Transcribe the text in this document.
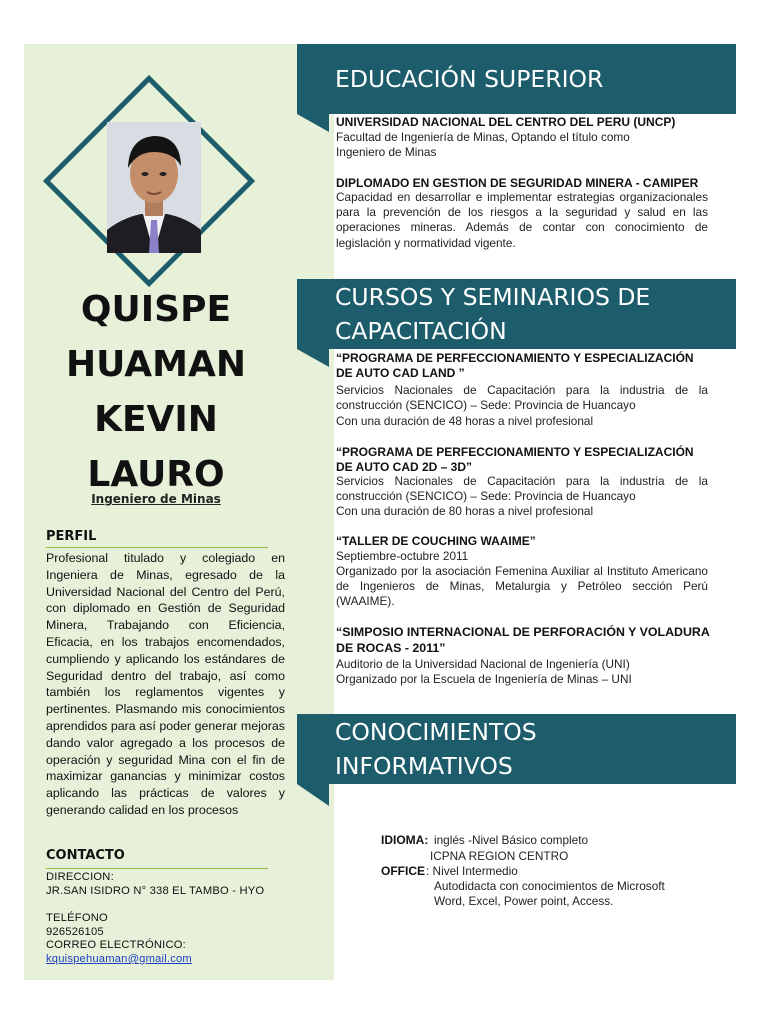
QUISPE
HUAMAN
KEVIN
LAURO
Ingeniero de Minas
PERFIL
Profesional titulado y colegiado en Ingeniera de Minas, egresado de la Universidad Nacional del Centro del Perú, con diplomado en Gestión de Seguridad Minera, Trabajando con Eficiencia, Eficacia, en los trabajos encomendados, cumpliendo y aplicando los estándares de Seguridad dentro del trabajo, así como también los reglamentos vigentes y pertinentes. Plasmando mis conocimientos aprendidos para así poder generar mejoras dando valor agregado a los procesos de operación y seguridad Mina con el fin de maximizar ganancias y minimizar costos aplicando las prácticas de valores y generando calidad en los procesos
CONTACTO
DIRECCION:
JR.SAN ISIDRO N° 338 EL TAMBO - HYO
TELÉFONO
926526105
CORREO ELECTRÓNICO:
kquispehuaman@gmail.com
EDUCACIÓN SUPERIOR
UNIVERSIDAD NACIONAL DEL CENTRO DEL PERU (UNCP)
Facultad de Ingeniería de Minas, Optando el título como
Ingeniero de Minas
DIPLOMADO EN GESTION DE SEGURIDAD MINERA - CAMIPER
Capacidad en desarrollar e implementar estrategias organizacionales para la prevención de los riesgos a la seguridad y salud en las operaciones mineras. Además de contar con conocimiento de legislación y normatividad vigente.
CURSOS Y SEMINARIOS DE
CAPACITACIÓN
“PROGRAMA DE PERFECCIONAMIENTO Y ESPECIALIZACIÓN
DE AUTO CAD LAND ”
Servicios Nacionales de Capacitación para la industria de la construcción (SENCICO) – Sede: Provincia de Huancayo
Con una duración de 48 horas a nivel profesional
“PROGRAMA DE PERFECCIONAMIENTO Y ESPECIALIZACIÓN
DE AUTO CAD 2D – 3D”
Servicios Nacionales de Capacitación para la industria de la construcción (SENCICO) – Sede: Provincia de Huancayo
Con una duración de 80 horas a nivel profesional
“TALLER DE COUCHING WAAIME”
Septiembre-octubre 2011
Organizado por la asociación Femenina Auxiliar al Instituto Americano de Ingenieros de Minas, Metalurgia y Petróleo sección Perú (WAAIME).
“SIMPOSIO INTERNACIONAL DE PERFORACIÓN Y VOLADURA
DE ROCAS - 2011”
Auditorio de la Universidad Nacional de Ingeniería (UNI)
Organizado por la Escuela de Ingeniería de Minas – UNI
CONOCIMIENTOS
INFORMATIVOS
IDIOMA: inglés -Nivel Básico completo
ICPNA REGION CENTRO
OFFICE : Nivel Intermedio
Autodidacta con conocimientos de Microsoft
Word, Excel, Power point, Access.
